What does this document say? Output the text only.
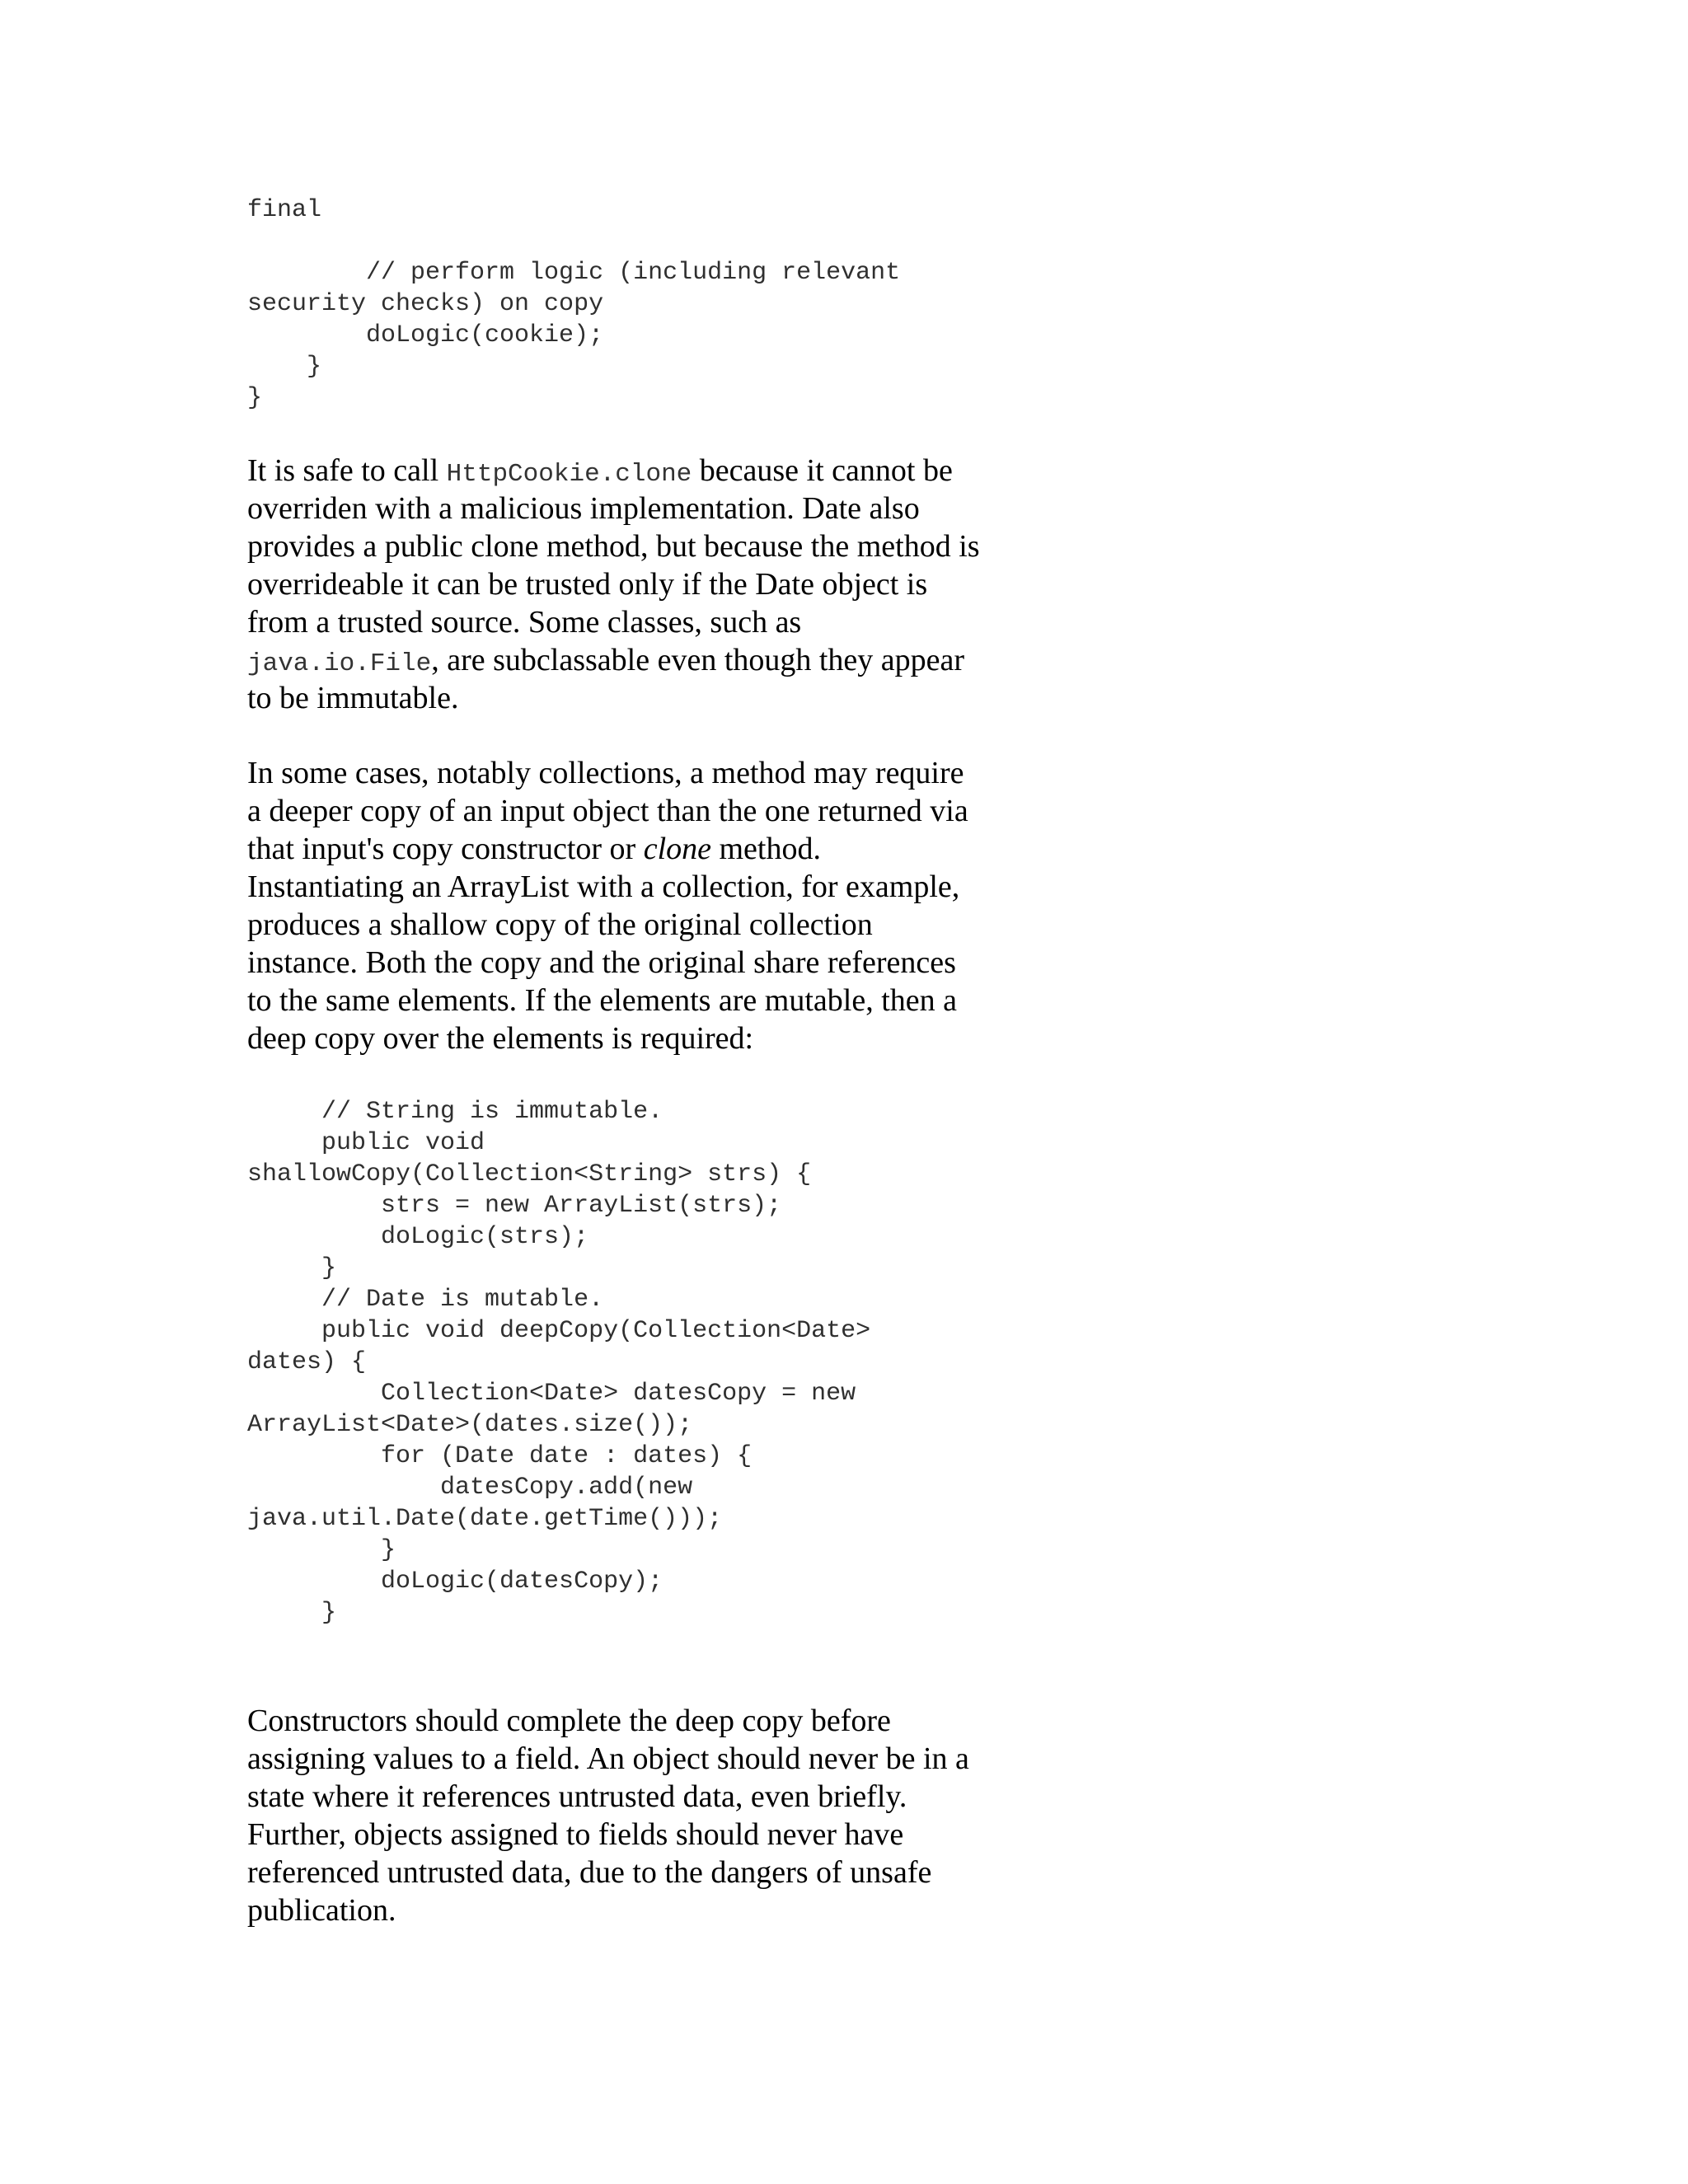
final

// perform logic (including relevant
security checks) on copy
doLogic(cookie);
}
}
It is safe to call HttpCookie.clone because it cannot be
overriden with a malicious implementation. Date also
provides a public clone method, but because the method is
overrideable it can be trusted only if the Date object is
from a trusted source. Some classes, such as
java.io.File, are subclassable even though they appear
to be immutable.
In some cases, notably collections, a method may require
a deeper copy of an input object than the one returned via
that input's copy constructor or clone method.
Instantiating an ArrayList with a collection, for example,
produces a shallow copy of the original collection
instance. Both the copy and the original share references
to the same elements. If the elements are mutable, then a
deep copy over the elements is required:
// String is immutable.
public void
shallowCopy(Collection<String> strs) {
strs = new ArrayList(strs);
doLogic(strs);
}
// Date is mutable.
public void deepCopy(Collection<Date>
dates) {
Collection<Date> datesCopy = new
ArrayList<Date>(dates.size());
for (Date date : dates) {
datesCopy.add(new
java.util.Date(date.getTime()));
}
doLogic(datesCopy);
}
Constructors should complete the deep copy before
assigning values to a field. An object should never be in a
state where it references untrusted data, even briefly.
Further, objects assigned to fields should never have
referenced untrusted data, due to the dangers of unsafe
publication.
